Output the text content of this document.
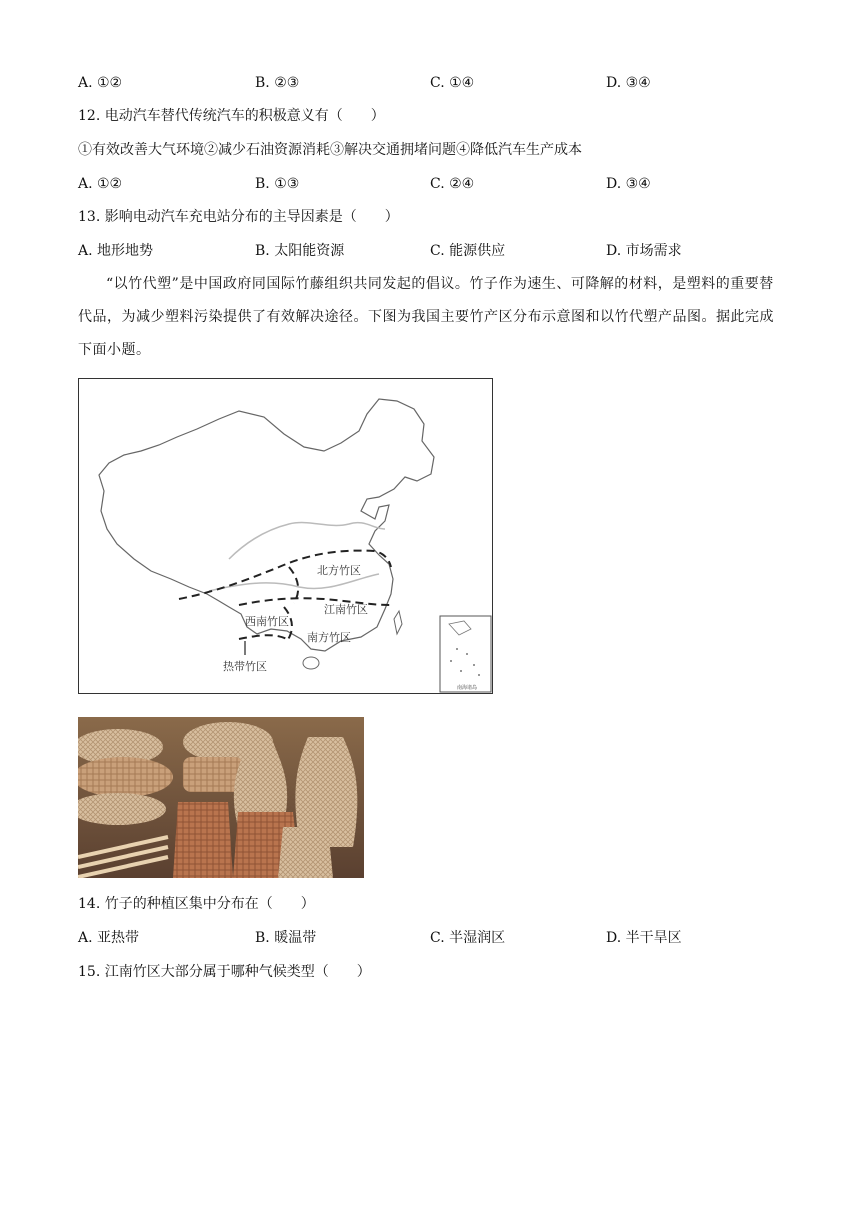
A. ①②	B. ②③	C. ①④	D. ③④
12. 电动汽车替代传统汽车的积极意义有（　　）
①有效改善大气环境②减少石油资源消耗③解决交通拥堵问题④降低汽车生产成本
A. ①②	B. ①③	C. ②④	D. ③④
13. 影响电动汽车充电站分布的主导因素是（　　）
A. 地形地势	B. 太阳能资源	C. 能源供应	D. 市场需求
“以竹代塑”是中国政府同国际竹藤组织共同发起的倡议。竹子作为速生、可降解的材料，是塑料的重要替代品，为减少塑料污染提供了有效解决途径。下图为我国主要竹产区分布示意图和以竹代塑产品图。据此完成下面小题。
北方竹区
江南竹区
西南竹区
南方竹区
热带竹区
南海诸岛
14. 竹子的种植区集中分布在（　　）
A. 亚热带	B. 暖温带	C. 半湿润区	D. 半干旱区
15. 江南竹区大部分属于哪种气候类型（　　）
